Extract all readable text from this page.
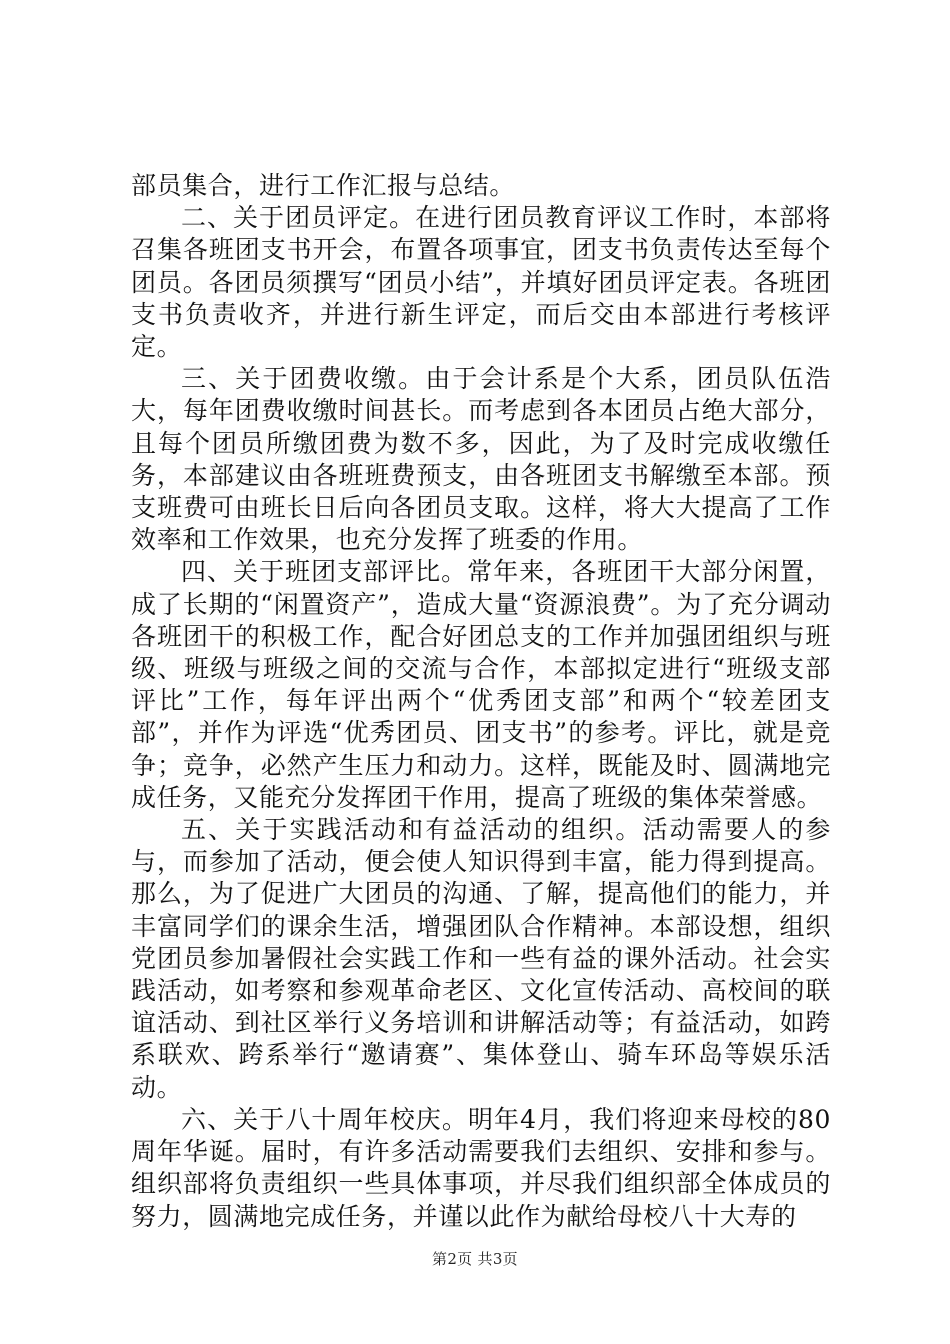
部员集合，进行工作汇报与总结。

二、关于团员评定。在进行团员教育评议工作时，本部将召集各班团支书开会，布置各项事宜，团支书负责传达至每个团员。各团员须撰写“团员小结”，并填好团员评定表。各班团支书负责收齐，并进行新生评定，而后交由本部进行考核评定。

三、关于团费收缴。由于会计系是个大系，团员队伍浩大，每年团费收缴时间甚长。而考虑到各本团员占绝大部分，且每个团员所缴团费为数不多，因此，为了及时完成收缴任务，本部建议由各班班费预支，由各班团支书解缴至本部。预支班费可由班长日后向各团员支取。这样，将大大提高了工作效率和工作效果，也充分发挥了班委的作用。

四、关于班团支部评比。常年来，各班团干大部分闲置，成了长期的“闲置资产”，造成大量“资源浪费”。为了充分调动各班团干的积极工作，配合好团总支的工作并加强团组织与班级、班级与班级之间的交流与合作，本部拟定进行“班级支部评比”工作，每年评出两个“优秀团支部”和两个“较差团支部”，并作为评选“优秀团员、团支书”的参考。评比，就是竞争；竞争，必然产生压力和动力。这样，既能及时、圆满地完成任务，又能充分发挥团干作用，提高了班级的集体荣誉感。

五、关于实践活动和有益活动的组织。活动需要人的参与，而参加了活动，便会使人知识得到丰富，能力得到提高。那么，为了促进广大团员的沟通、了解，提高他们的能力，并丰富同学们的课余生活，增强团队合作精神。本部设想，组织党团员参加暑假社会实践工作和一些有益的课外活动。社会实践活动，如考察和参观革命老区、文化宣传活动、高校间的联谊活动、到社区举行义务培训和讲解活动等；有益活动，如跨系联欢、跨系举行“邀请赛”、集体登山、骑车环岛等娱乐活动。

六、关于八十周年校庆。明年4月，我们将迎来母校的80周年华诞。届时，有许多活动需要我们去组织、安排和参与。组织部将负责组织一些具体事项，并尽我们组织部全体成员的努力，圆满地完成任务，并谨以此作为献给母校八十大寿的

第2页 共3页
